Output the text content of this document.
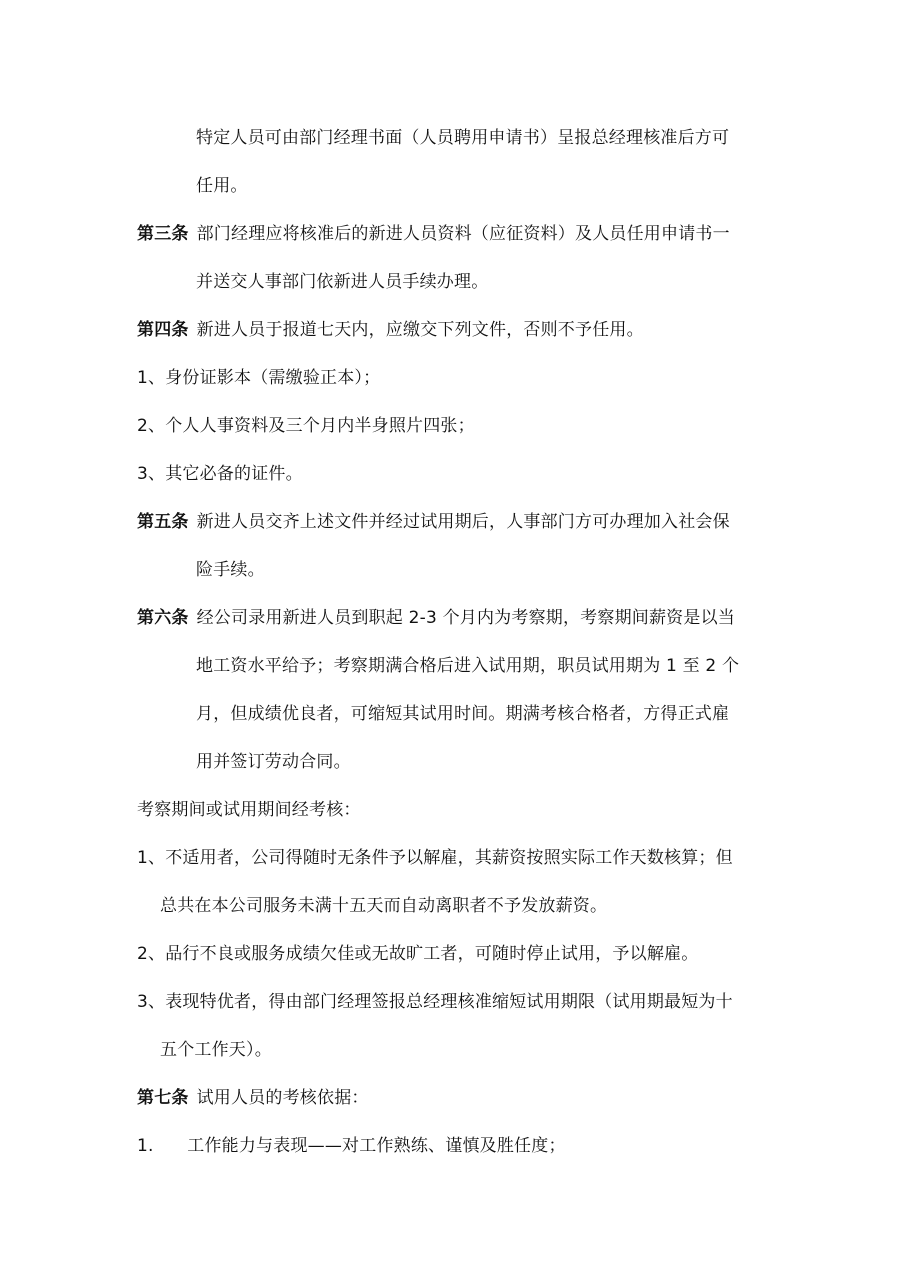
特定人员可由部门经理书面（人员聘用申请书）呈报总经理核准后方可
任用。
第三条 部门经理应将核准后的新进人员资料（应征资料）及人员任用申请书一
并送交人事部门依新进人员手续办理。
第四条 新进人员于报道七天内，应缴交下列文件，否则不予任用。
1、身份证影本（需缴验正本）；
2、个人人事资料及三个月内半身照片四张；
3、其它必备的证件。
第五条 新进人员交齐上述文件并经过试用期后，人事部门方可办理加入社会保
险手续。
第六条 经公司录用新进人员到职起 2-3 个月内为考察期，考察期间薪资是以当
地工资水平给予；考察期满合格后进入试用期，职员试用期为 1 至 2 个
月，但成绩优良者，可缩短其试用时间。期满考核合格者，方得正式雇
用并签订劳动合同。
考察期间或试用期间经考核：
1、不适用者，公司得随时无条件予以解雇，其薪资按照实际工作天数核算；但
总共在本公司服务未满十五天而自动离职者不予发放薪资。
2、品行不良或服务成绩欠佳或无故旷工者，可随时停止试用，予以解雇。
3、表现特优者，得由部门经理签报总经理核准缩短试用期限（试用期最短为十
五个工作天）。
第七条 试用人员的考核依据：
1.      工作能力与表现——对工作熟练、谨慎及胜任度；
